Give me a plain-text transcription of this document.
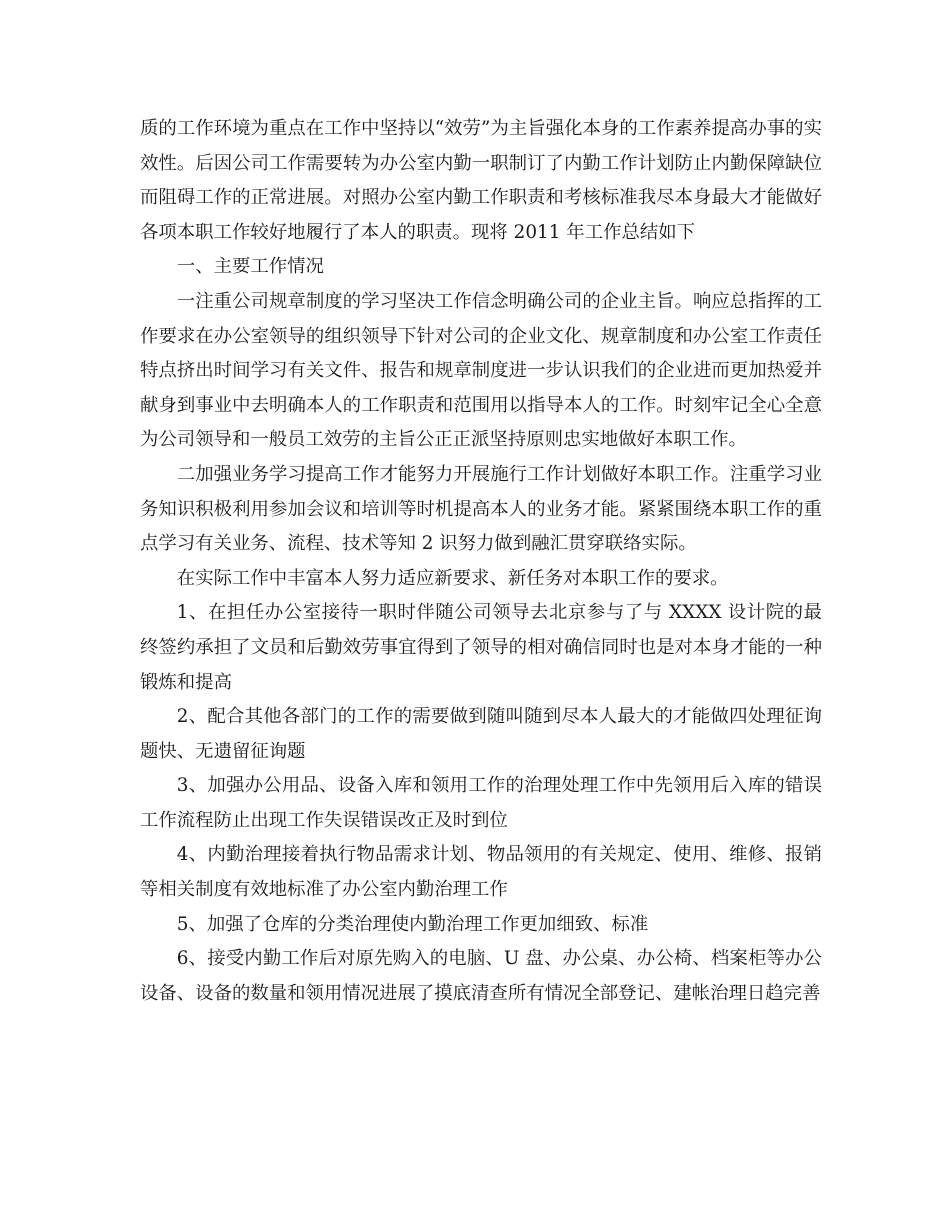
质的工作环境为重点在工作中坚持以“效劳”为主旨强化本身的工作素养提高办事的实效性。后因公司工作需要转为办公室内勤一职制订了内勤工作计划防止内勤保障缺位而阻碍工作的正常进展。对照办公室内勤工作职责和考核标准我尽本身最大才能做好各项本职工作较好地履行了本人的职责。现将 2011 年工作总结如下

一、主要工作情况

一注重公司规章制度的学习坚决工作信念明确公司的企业主旨。响应总指挥的工作要求在办公室领导的组织领导下针对公司的企业文化、规章制度和办公室工作责任特点挤出时间学习有关文件、报告和规章制度进一步认识我们的企业进而更加热爱并献身到事业中去明确本人的工作职责和范围用以指导本人的工作。时刻牢记全心全意为公司领导和一般员工效劳的主旨公正正派坚持原则忠实地做好本职工作。

二加强业务学习提高工作才能努力开展施行工作计划做好本职工作。注重学习业务知识积极利用参加会议和培训等时机提高本人的业务才能。紧紧围绕本职工作的重点学习有关业务、流程、技术等知 2 识努力做到融汇贯穿联络实际。

在实际工作中丰富本人努力适应新要求、新任务对本职工作的要求。

1、在担任办公室接待一职时伴随公司领导去北京参与了与 XXXX 设计院的最终签约承担了文员和后勤效劳事宜得到了领导的相对确信同时也是对本身才能的一种锻炼和提高

2、配合其他各部门的工作的需要做到随叫随到尽本人最大的才能做四处理征询题快、无遗留征询题

3、加强办公用品、设备入库和领用工作的治理处理工作中先领用后入库的错误工作流程防止出现工作失误错误改正及时到位

4、内勤治理接着执行物品需求计划、物品领用的有关规定、使用、维修、报销等相关制度有效地标准了办公室内勤治理工作

5、加强了仓库的分类治理使内勤治理工作更加细致、标准

6、接受内勤工作后对原先购入的电脑、U 盘、办公桌、办公椅、档案柜等办公设备、设备的数量和领用情况进展了摸底清查所有情况全部登记、建帐治理日趋完善
